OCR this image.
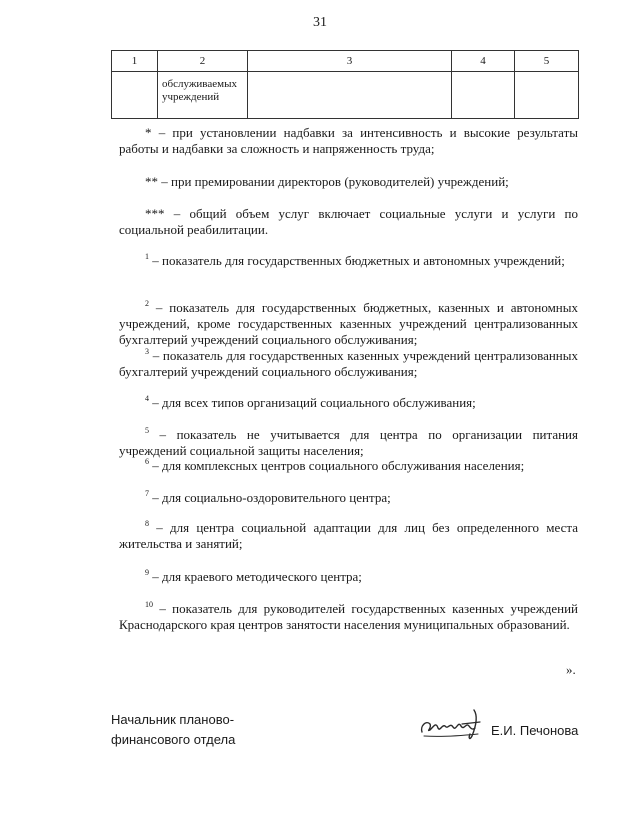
31
1	2	3	4	5
	обслуживаемых учреждений			
* – при установлении надбавки за интенсивность и высокие результаты работы и надбавки за сложность и напряженность труда;
** – при премировании директоров (руководителей) учреждений;
*** – общий объем услуг включает социальные услуги и услуги по социальной реабилитации.
$^1$ – показатель для государственных бюджетных и автономных учреждений;
$^2$ – показатель для государственных бюджетных, казенных и автономных учреждений, кроме государственных казенных учреждений централизованных бухгалтерий учреждений социального обслуживания;
$^3$ – показатель для государственных казенных учреждений централизованных бухгалтерий учреждений социального обслуживания;
$^4$ – для всех типов организаций социального обслуживания;
$^5$ – показатель не учитывается для центра по организации питания учреждений социальной защиты населения;
$^6$ – для комплексных центров социального обслуживания населения;
$^7$ – для социально-оздоровительного центра;
$^8$ – для центра социальной адаптации для лиц без определенного места жительства и занятий;
$^9$ – для краевого методического центра;
$^{10}$ – показатель для руководителей государственных казенных учреждений Краснодарского края центров занятости населения муниципальных образований.
».
Начальник планово-
финансового отдела
Е.И. Печонова
